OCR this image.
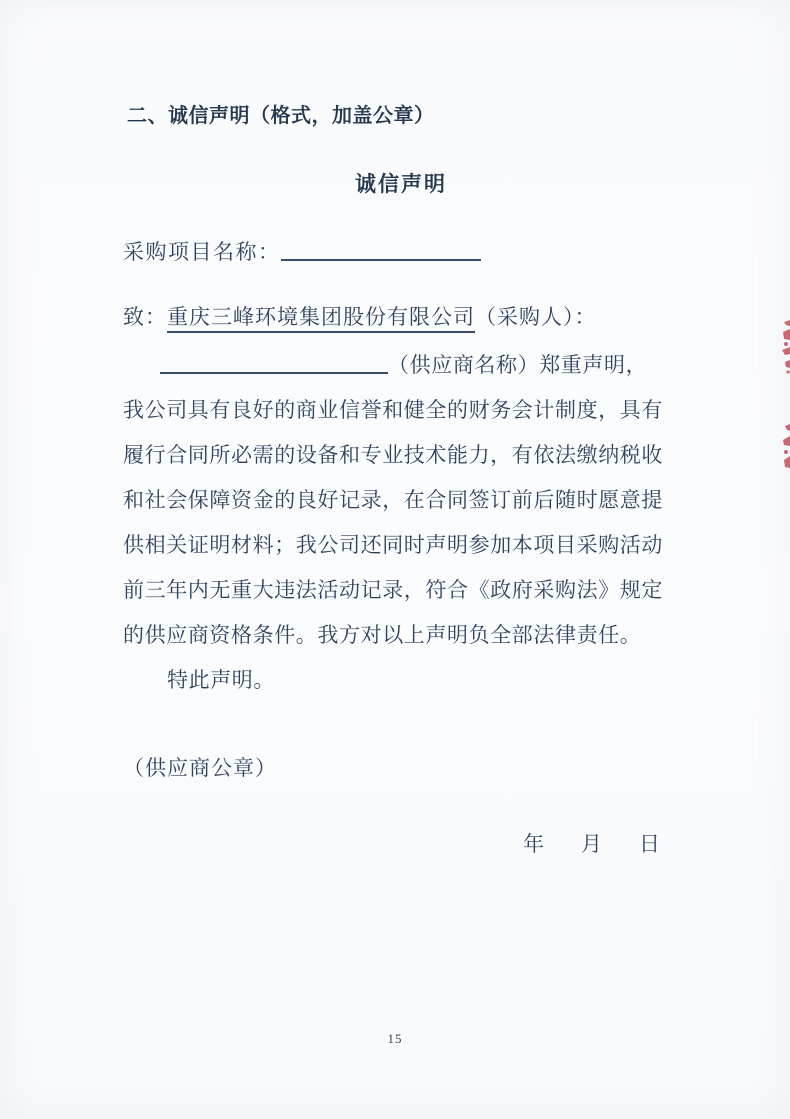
二、诚信声明（格式，加盖公章）
诚信声明
采购项目名称：
致：重庆三峰环境集团股份有限公司（采购人）：
（供应商名称）郑重声明，
我公司具有良好的商业信誉和健全的财务会计制度，具有
履行合同所必需的设备和专业技术能力，有依法缴纳税收
和社会保障资金的良好记录，在合同签订前后随时愿意提
供相关证明材料；我公司还同时声明参加本项目采购活动
前三年内无重大违法活动记录，符合《政府采购法》规定
的供应商资格条件。我方对以上声明负全部法律责任。
特此声明。
（供应商公章）
年 月 日
15
